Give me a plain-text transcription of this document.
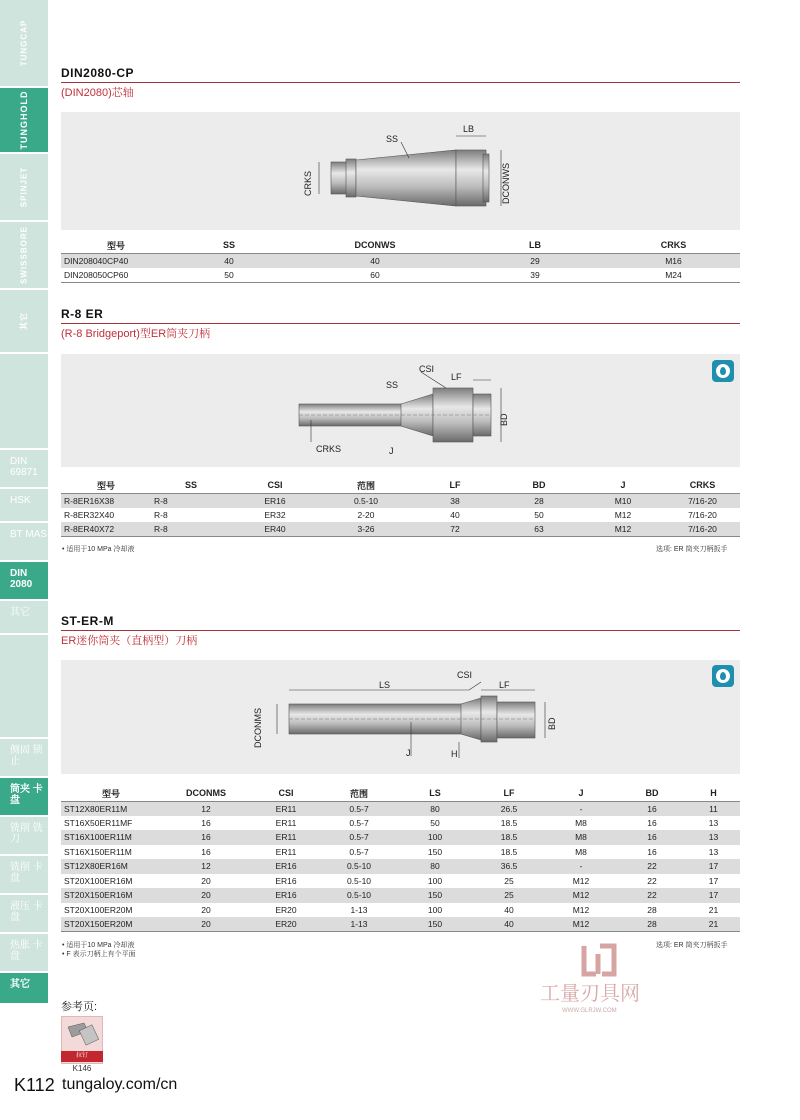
TUNGCAP
TUNGHOLD
SPINJET
SWISSBORE
其它
DIN 69871
HSK
BT MAS
DIN 2080
其它
侧固 锁止
筒夹 卡盘
铣削 铣刀
铣削 卡盘
液压 卡盘
热胀 卡盘
其它
DIN2080-CP
(DIN2080)芯轴
SS
LB
CRKS	DCONWS
型号	SS	DCONWS	LB	CRKS
DIN208040CP40	40	40	29	M16
DIN208050CP60	50	60	39	M24
R-8 ER
(R-8 Bridgeport)型ER筒夹刀柄
CSI
LF
SS
BD
CRKS	J
型号	SS	CSI	范围	LF	BD	J	CRKS
R-8ER16X38	R-8	ER16	0.5-10	38	28	M10	7/16-20
R-8ER32X40	R-8	ER32	2-20	40	50	M12	7/16-20
R-8ER40X72	R-8	ER40	3-26	72	63	M12	7/16-20
• 适用于10 MPa 冷却液	选项: ER 筒夹刀柄扳手
ST-ER-M
ER迷你筒夹（直柄型）刀柄
LS
CSI
LF
DCONMS	BD
J	H
型号	DCONMS	CSI	范围	LS	LF	J	BD	H
ST12X80ER11M	12	ER11	0.5-7	80	26.5	-	16	11
ST16X50ER11MF	16	ER11	0.5-7	50	18.5	M8	16	13
ST16X100ER11M	16	ER11	0.5-7	100	18.5	M8	16	13
ST16X150ER11M	16	ER11	0.5-7	150	18.5	M8	16	13
ST12X80ER16M	12	ER16	0.5-10	80	36.5	-	22	17
ST20X100ER16M	20	ER16	0.5-10	100	25	M12	22	17
ST20X150ER16M	20	ER16	0.5-10	150	25	M12	22	17
ST20X100ER20M	20	ER20	1-13	100	40	M12	28	21
ST20X150ER20M	20	ER20	1-13	150	40	M12	28	21
• 适用于10 MPa 冷却液
• F 表示刀柄上有个平面
选项: ER 筒夹刀柄扳手
工量刃具网
WWW.GLRJW.COM
参考页:
拉钉
K146
K112 tungaloy.com/cn
